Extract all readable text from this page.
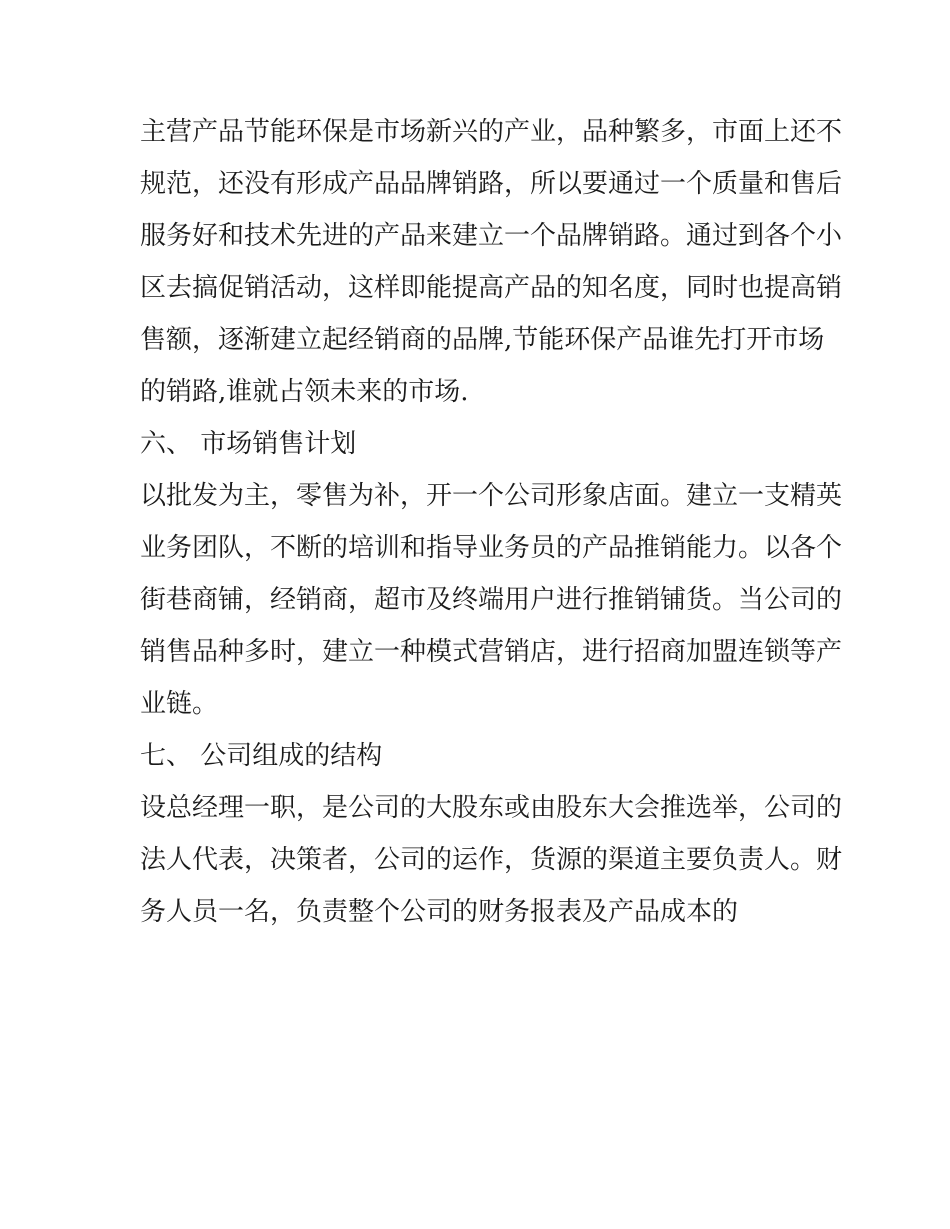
主营产品节能环保是市场新兴的产业，品种繁多，市面上还不
规范，还没有形成产品品牌销路，所以要通过一个质量和售后
服务好和技术先进的产品来建立一个品牌销路。通过到各个小
区去搞促销活动，这样即能提高产品的知名度，同时也提高销
售额，逐渐建立起经销商的品牌,节能环保产品谁先打开市场
的销路,谁就占领未来的市场.
六、 市场销售计划
以批发为主，零售为补，开一个公司形象店面。建立一支精英
业务团队，不断的培训和指导业务员的产品推销能力。以各个
街巷商铺，经销商，超市及终端用户进行推销铺货。当公司的
销售品种多时，建立一种模式营销店，进行招商加盟连锁等产
业链。
七、 公司组成的结构
设总经理一职，是公司的大股东或由股东大会推选举，公司的
法人代表，决策者，公司的运作，货源的渠道主要负责人。财
务人员一名，负责整个公司的财务报表及产品成本的
